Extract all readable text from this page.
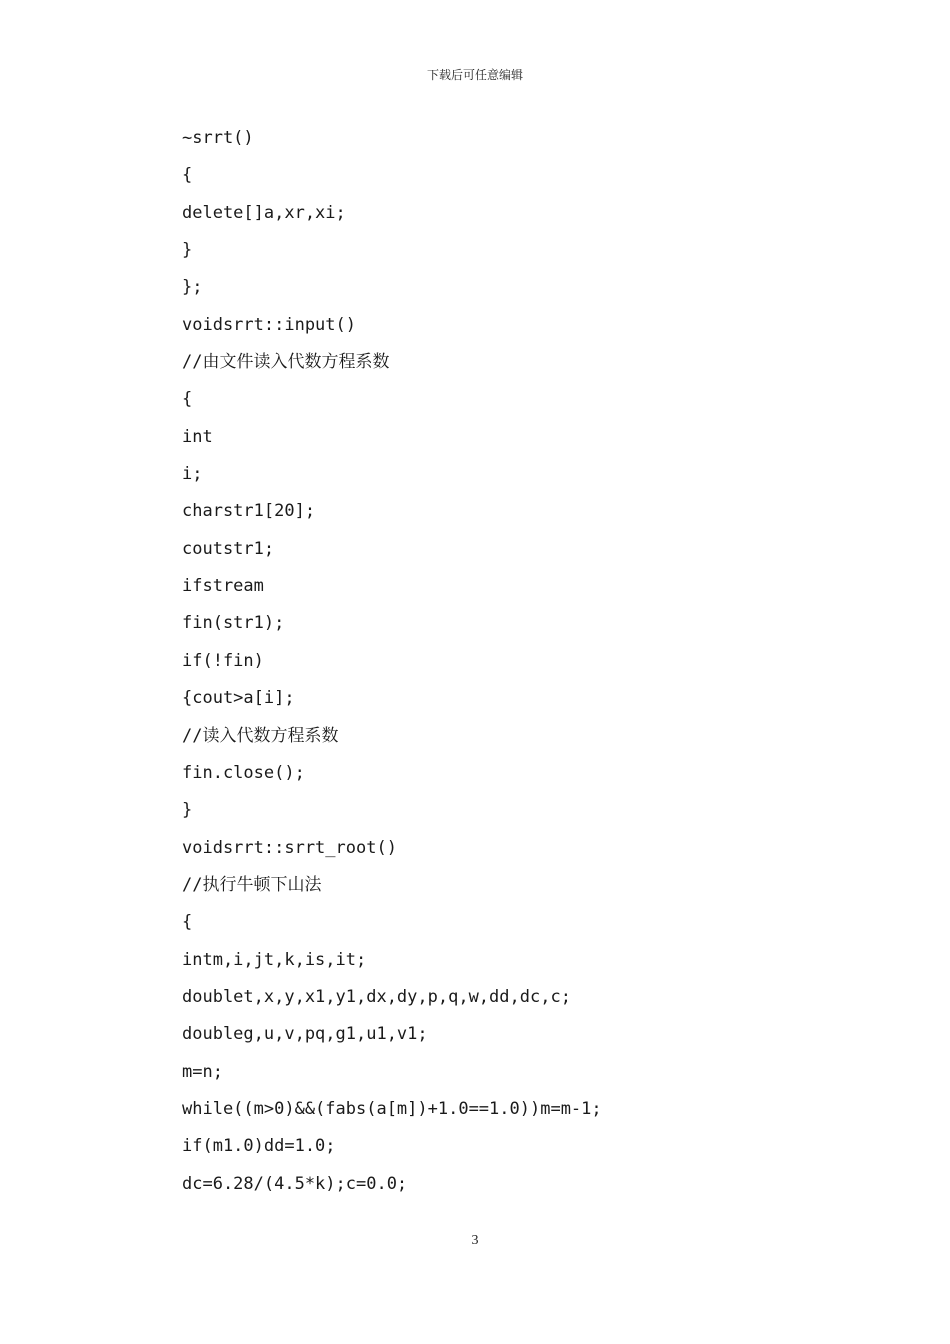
下载后可任意编辑
~srrt()
{
delete[]a,xr,xi;
}
};
voidsrrt::input()
//由文件读入代数方程系数
{
int
i;
charstr1[20];
coutstr1;
ifstream
fin(str1);
if(!fin)
{cout>a[i];
//读入代数方程系数
fin.close();
}
voidsrrt::srrt_root()
//执行牛顿下山法
{
intm,i,jt,k,is,it;
doublet,x,y,x1,y1,dx,dy,p,q,w,dd,dc,c;
doubleg,u,v,pq,g1,u1,v1;
m=n;
while((m>0)&&(fabs(a[m])+1.0==1.0))m=m-1;
if(m1.0)dd=1.0;
dc=6.28/(4.5*k);c=0.0;
3
